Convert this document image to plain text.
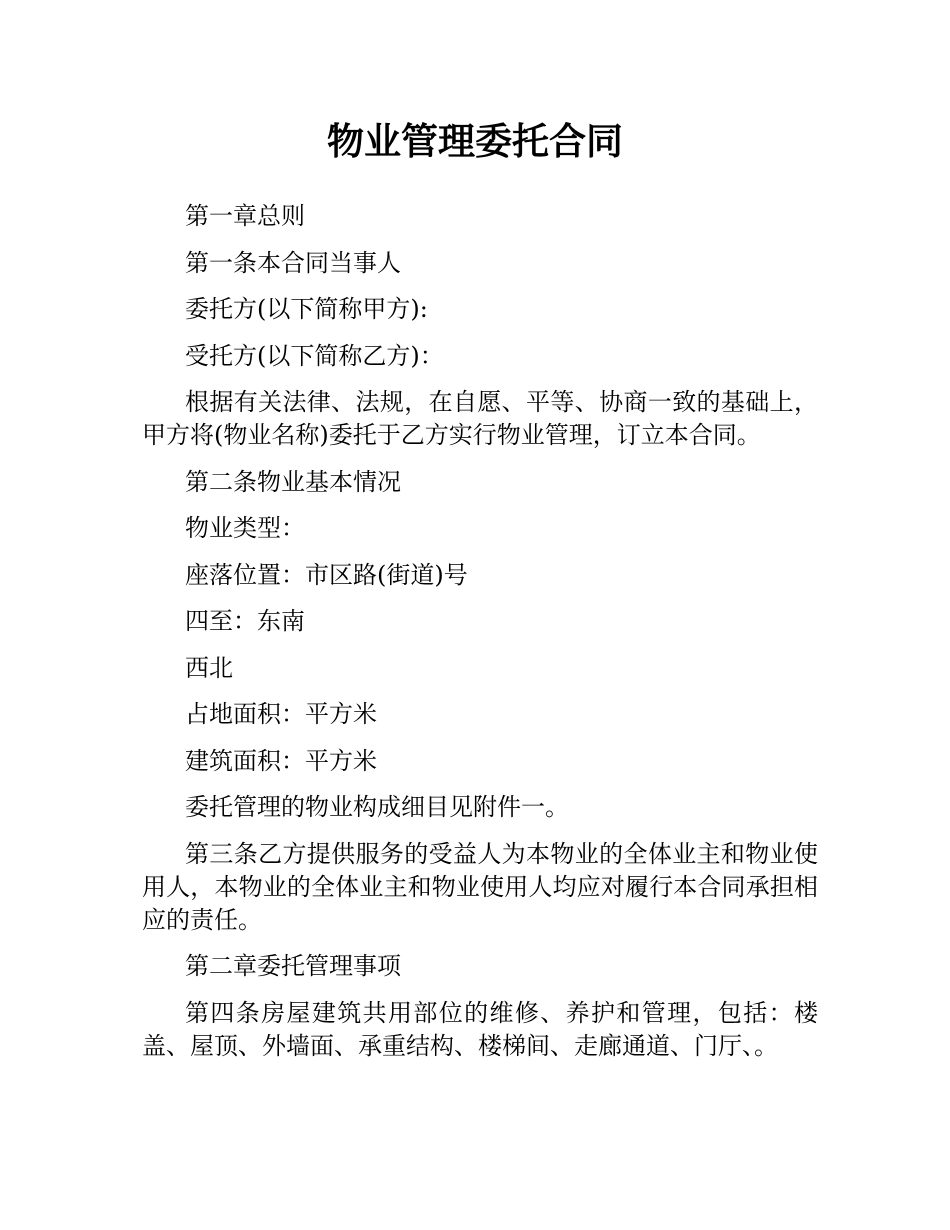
物业管理委托合同

第一章总则

第一条本合同当事人

委托方(以下简称甲方):

受托方(以下简称乙方)：

根据有关法律、法规，在自愿、平等、协商一致的基础上，甲方将(物业名称)委托于乙方实行物业管理，订立本合同。

第二条物业基本情况

物业类型：

座落位置：市区路(街道)号

四至：东南

西北

占地面积：平方米

建筑面积：平方米

委托管理的物业构成细目见附件一。

第三条乙方提供服务的受益人为本物业的全体业主和物业使用人，本物业的全体业主和物业使用人均应对履行本合同承担相应的责任。

第二章委托管理事项

第四条房屋建筑共用部位的维修、养护和管理，包括：楼盖、屋顶、外墙面、承重结构、楼梯间、走廊通道、门厅、。
